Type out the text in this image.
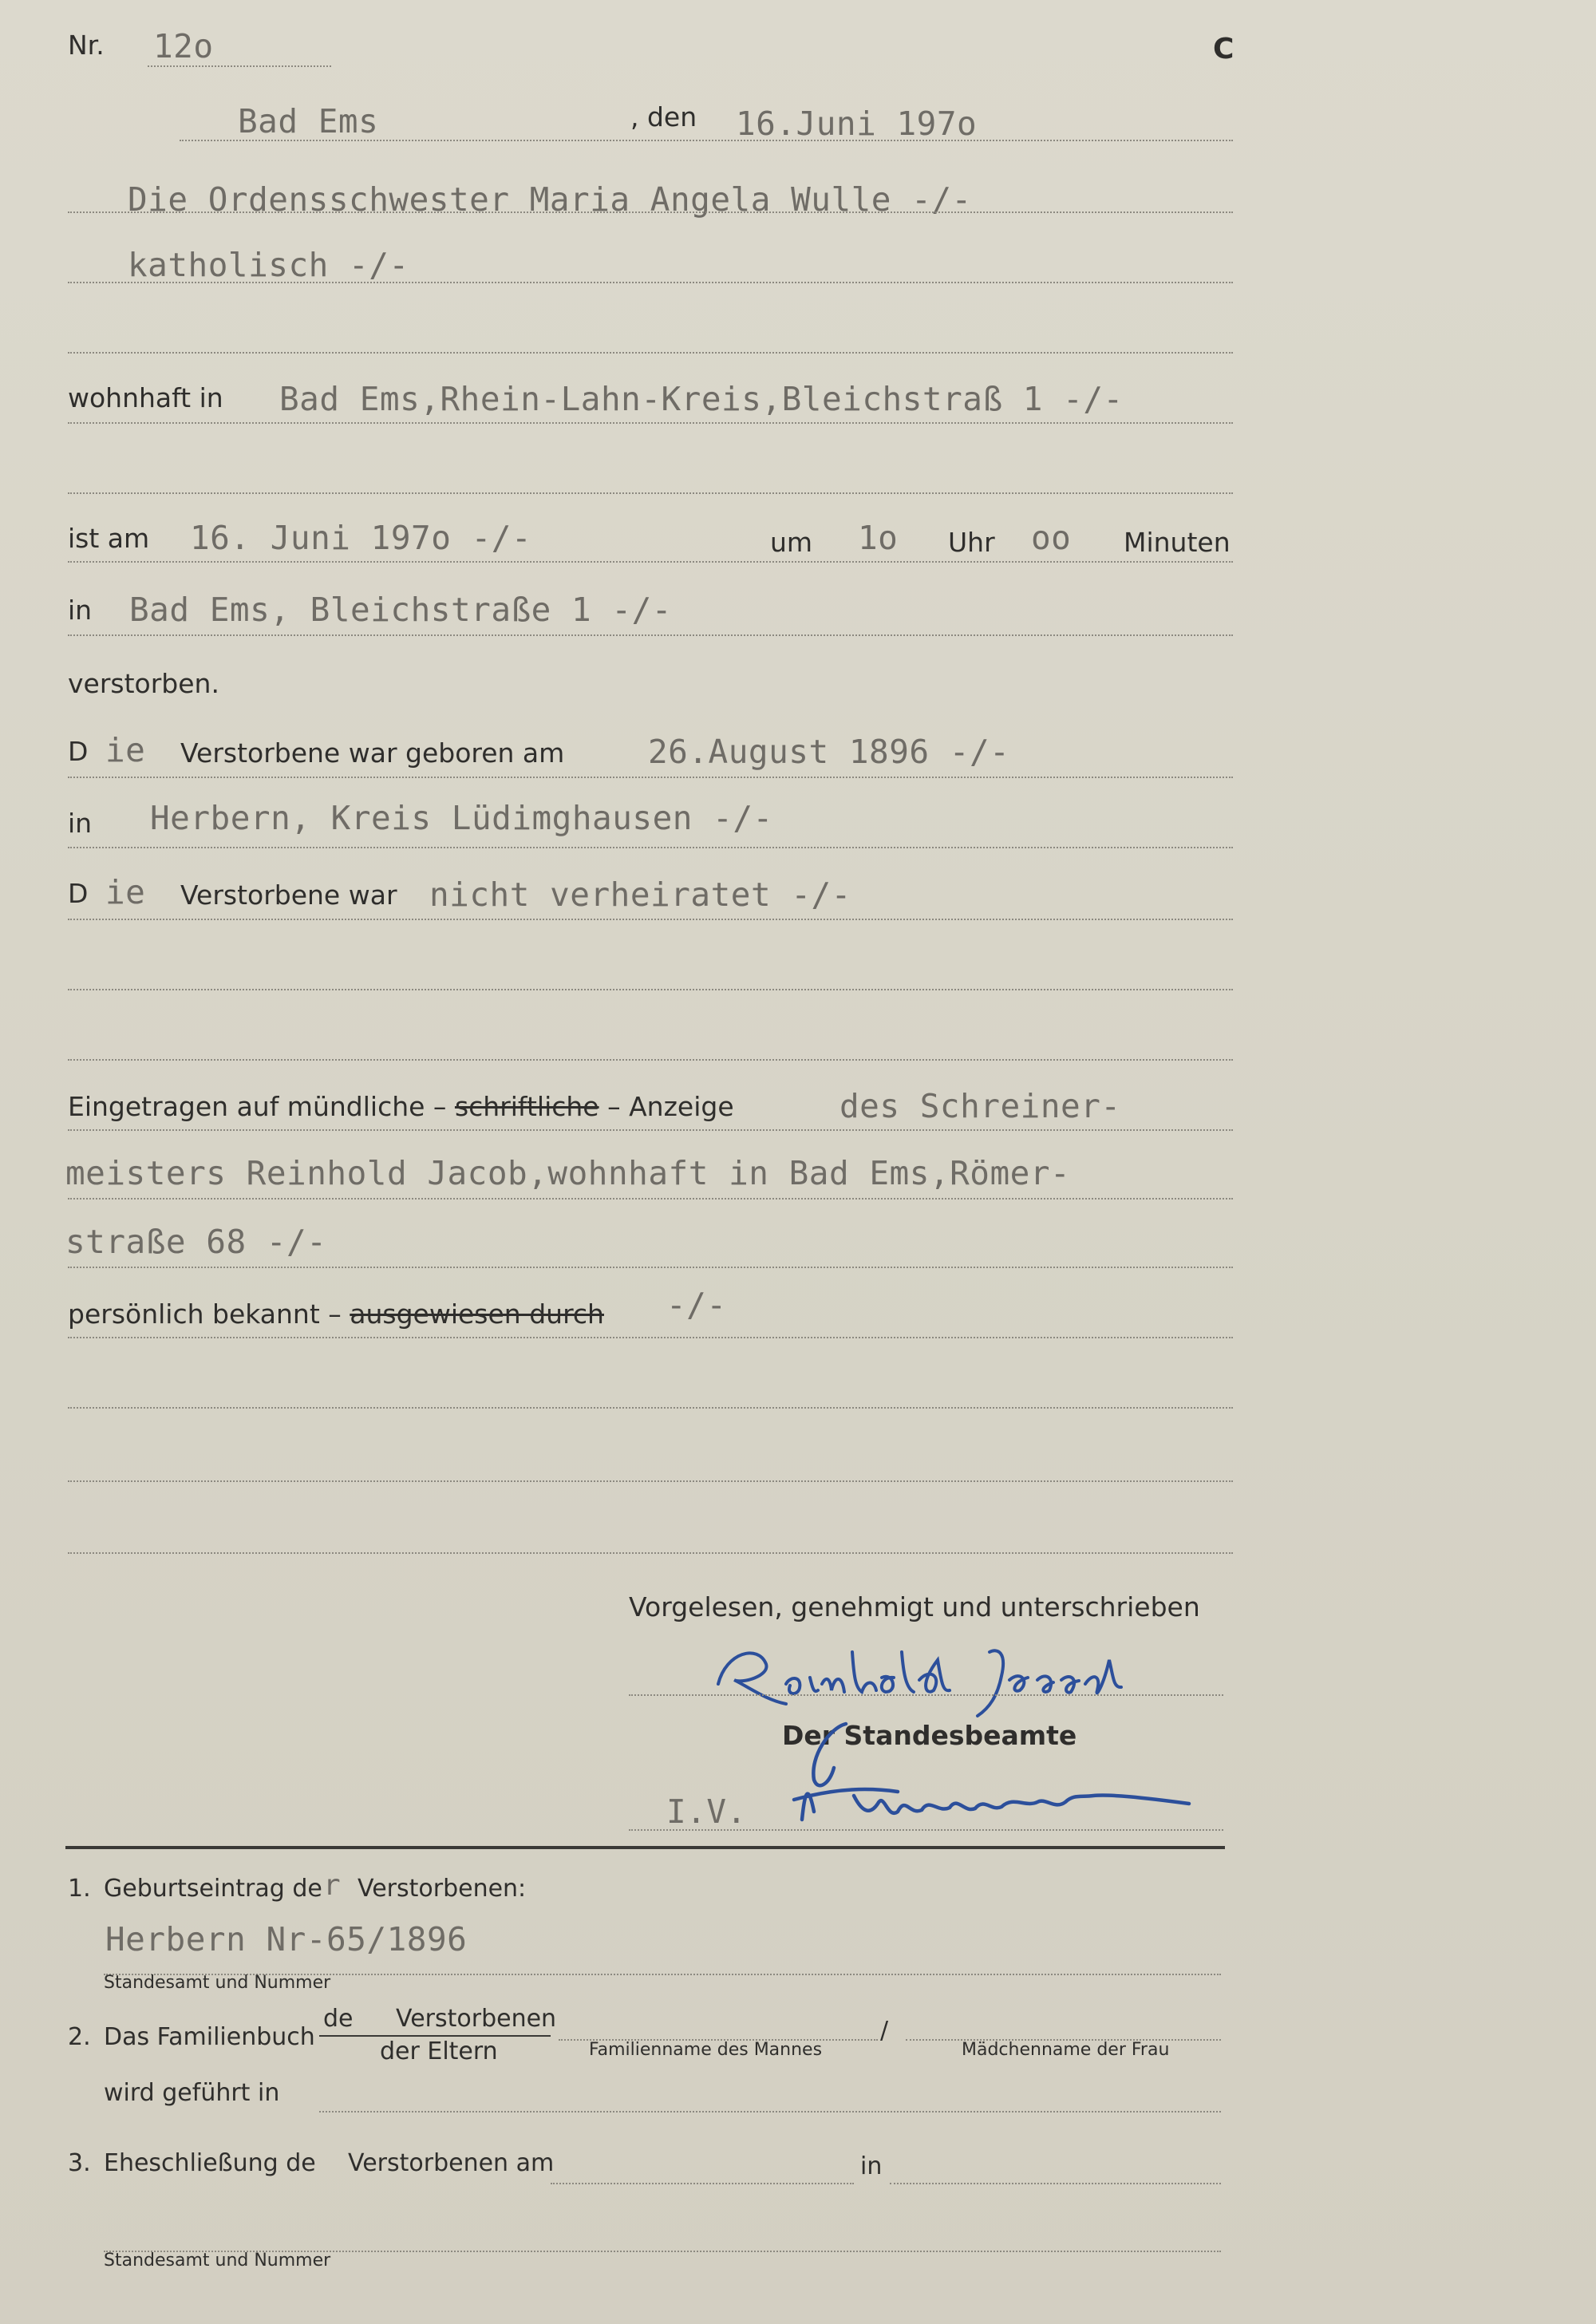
Nr. 12o	C
Bad Ems	, den 16.Juni 197o
Die Ordensschwester Maria Angela Wulle -/-
katholisch -/-
wohnhaft in Bad Ems,Rhein-Lahn-Kreis,Bleichstraß 1 -/-
ist am 16. Juni 197o -/-	um 1o Uhr oo Minuten
in Bad Ems, Bleichstraße 1 -/-
verstorben.
D ie Verstorbene war geboren am	26.August 1896 -/-
in Herbern, Kreis Lüdimghausen -/-
D ie Verstorbene war nicht verheiratet -/-
Eingetragen auf mündliche – schriftliche – Anzeige	des Schreiner-
meisters Reinhold Jacob,wohnhaft in Bad Ems,Römer-
straße 68 -/-
persönlich bekannt – ausgewiesen durch -/-
Vorgelesen, genehmigt und unterschrieben
Der Standesbeamte
I.V.
1. Geburtseintrag de r Verstorbenen:
Herbern Nr-65/1896
Standesamt und Nummer
2. Das Familienbuch
de Verstorbenen
der Eltern
/
Familienname des Mannes	Mädchenname der Frau
wird geführt in
3. Eheschließung de Verstorbenen am	in
Standesamt und Nummer
